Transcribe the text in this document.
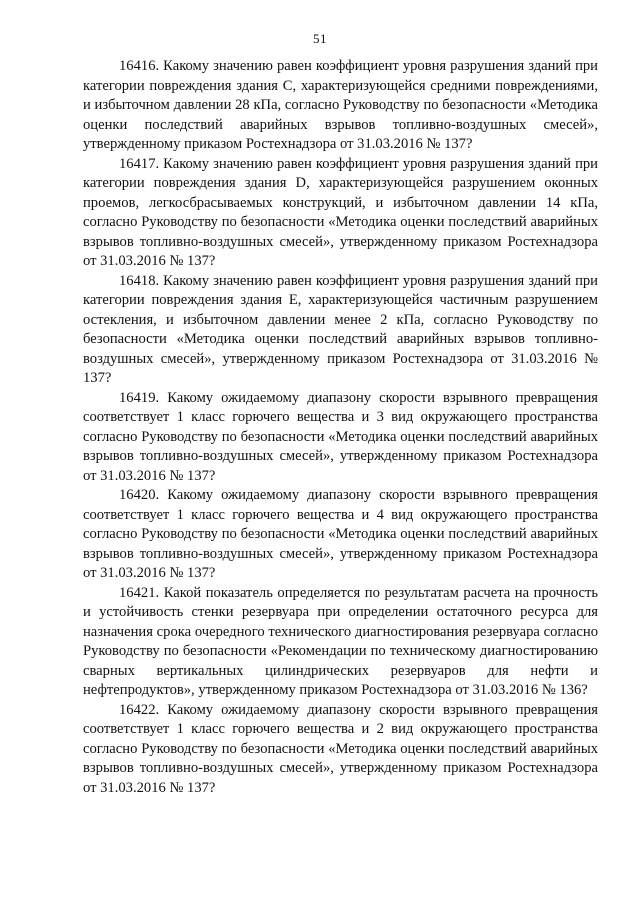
51

16416. Какому значению равен коэффициент уровня разрушения зданий при категории повреждения здания C, характеризующейся средними повреждениями, и избыточном давлении 28 кПа, согласно Руководству по безопасности «Методика оценки последствий аварийных взрывов топливно-воздушных смесей», утвержденному приказом Ростехнадзора от 31.03.2016 № 137?

16417. Какому значению равен коэффициент уровня разрушения зданий при категории повреждения здания D, характеризующейся разрушением оконных проемов, легкосбрасываемых конструкций, и избыточном давлении 14 кПа, согласно Руководству по безопасности «Методика оценки последствий аварийных взрывов топливно-воздушных смесей», утвержденному приказом Ростехнадзора от 31.03.2016 № 137?

16418. Какому значению равен коэффициент уровня разрушения зданий при категории повреждения здания E, характеризующейся частичным разрушением остекления, и избыточном давлении менее 2 кПа, согласно Руководству по безопасности «Методика оценки последствий аварийных взрывов топливно-воздушных смесей», утвержденному приказом Ростехнадзора от 31.03.2016 № 137?

16419. Какому ожидаемому диапазону скорости взрывного превращения соответствует 1 класс горючего вещества и 3 вид окружающего пространства согласно Руководству по безопасности «Методика оценки последствий аварийных взрывов топливно-воздушных смесей», утвержденному приказом Ростехнадзора от 31.03.2016 № 137?

16420. Какому ожидаемому диапазону скорости взрывного превращения соответствует 1 класс горючего вещества и 4 вид окружающего пространства согласно Руководству по безопасности «Методика оценки последствий аварийных взрывов топливно-воздушных смесей», утвержденному приказом Ростехнадзора от 31.03.2016 № 137?

16421. Какой показатель определяется по результатам расчета на прочность и устойчивость стенки резервуара при определении остаточного ресурса для назначения срока очередного технического диагностирования резервуара согласно Руководству по безопасности «Рекомендации по техническому диагностированию сварных вертикальных цилиндрических резервуаров для нефти и нефтепродуктов», утвержденному приказом Ростехнадзора от 31.03.2016 № 136?

16422. Какому ожидаемому диапазону скорости взрывного превращения соответствует 1 класс горючего вещества и 2 вид окружающего пространства согласно Руководству по безопасности «Методика оценки последствий аварийных взрывов топливно-воздушных смесей», утвержденному приказом Ростехнадзора от 31.03.2016 № 137?
